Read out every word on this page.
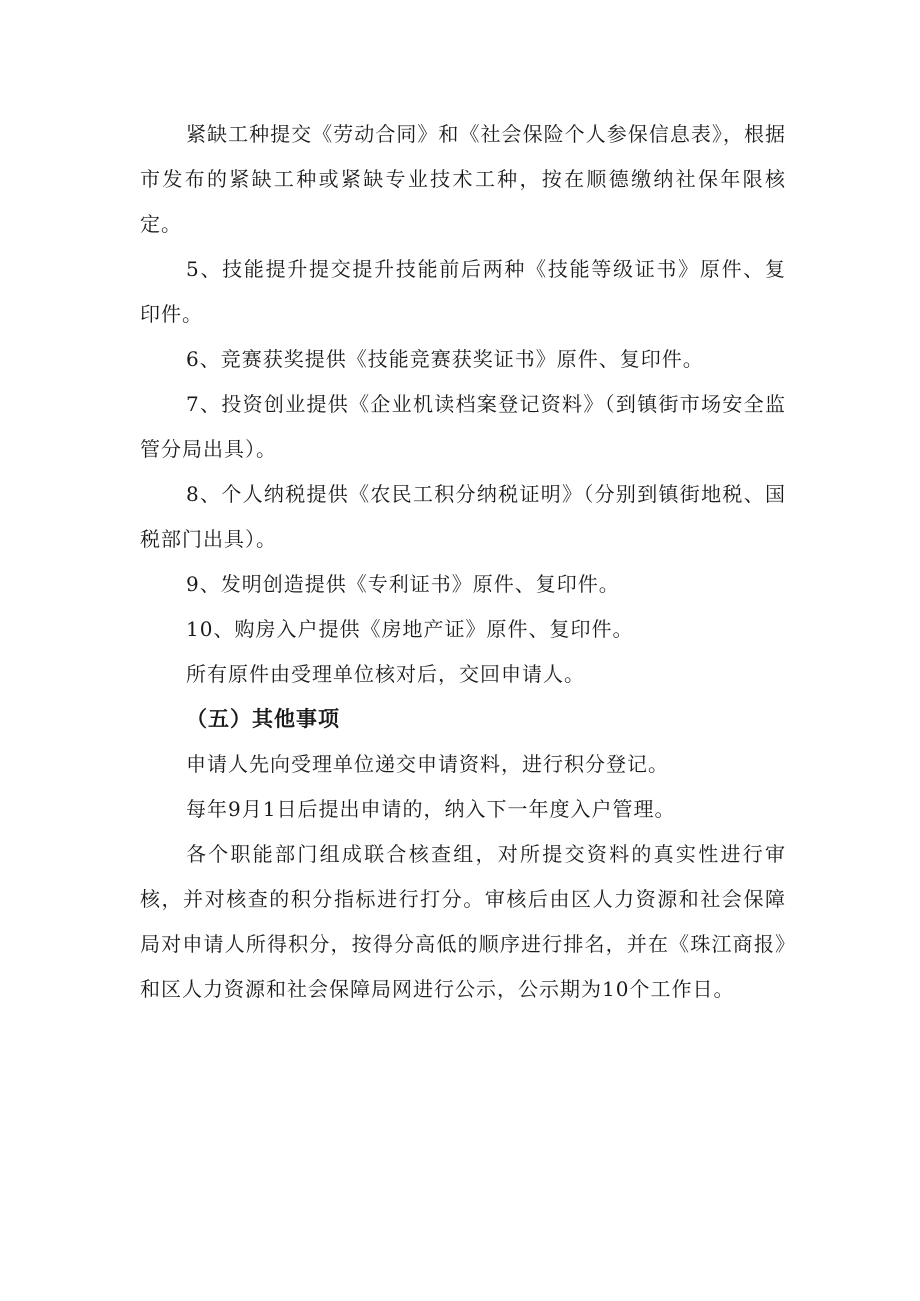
紧缺工种提交《劳动合同》和《社会保险个人参保信息表》，根据市发布的紧缺工种或紧缺专业技术工种，按在顺德缴纳社保年限核定。

5、技能提升提交提升技能前后两种《技能等级证书》原件、复印件。

6、竞赛获奖提供《技能竞赛获奖证书》原件、复印件。

7、投资创业提供《企业机读档案登记资料》（到镇街市场安全监管分局出具）。

8、个人纳税提供《农民工积分纳税证明》（分别到镇街地税、国税部门出具）。

9、发明创造提供《专利证书》原件、复印件。

10、购房入户提供《房地产证》原件、复印件。

所有原件由受理单位核对后，交回申请人。

（五）其他事项

申请人先向受理单位递交申请资料，进行积分登记。

每年9月1日后提出申请的，纳入下一年度入户管理。

各个职能部门组成联合核查组，对所提交资料的真实性进行审核，并对核查的积分指标进行打分。审核后由区人力资源和社会保障局对申请人所得积分，按得分高低的顺序进行排名，并在《珠江商报》和区人力资源和社会保障局网进行公示，公示期为10个工作日。
